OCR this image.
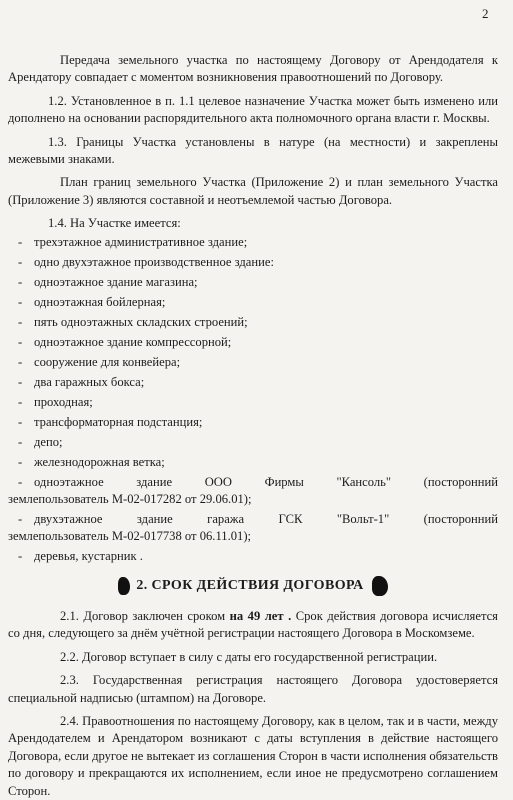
2

Передача земельного участка по настоящему Договору от Арендодателя к Арендатору совпадает с моментом возникновения правоотношений по Договору.

1.2. Установленное в п. 1.1 целевое назначение Участка может быть изменено или дополнено на основании распорядительного акта полномочного органа власти г. Москвы.

1.3. Границы Участка установлены в натуре (на местности) и закреплены межевыми знаками.

План границ земельного Участка (Приложение 2) и план земельного Участка (Приложение 3) являются составной и неотъемлемой частью Договора.

1.4. На Участке имеется:

- трехэтажное административное здание;
- одно двухэтажное производственное здание:
- одноэтажное здание магазина;
- одноэтажная бойлерная;
- пять одноэтажных складских строений;
- одноэтажное здание компрессорной;
- сооружение для конвейера;
- два гаражных бокса;
- проходная;
- трансформаторная подстанция;
- депо;
- железнодорожная ветка;
- одноэтажное здание ООО Фирмы "Кансоль" (посторонний
землепользователь М-02-017282 от 29.06.01);
- двухэтажное здание гаража ГСК "Вольт-1" (посторонний
землепользователь М-02-017738 от 06.11.01);
- деревья, кустарник .
2. СРОК ДЕЙСТВИЯ ДОГОВОРА

2.1. Договор заключен сроком на 49 лет . Срок действия договора исчисляется со дня, следующего за днём учётной регистрации настоящего Договора в Москомземе.

2.2. Договор вступает в силу с даты его государственной регистрации.

2.3. Государственная регистрация настоящего Договора удостоверяется специальной надписью (штампом) на Договоре.

2.4. Правоотношения по настоящему Договору, как в целом, так и в части, между Арендодателем и Арендатором возникают с даты вступления в действие настоящего Договора, если другое не вытекает из соглашения Сторон в части исполнения обязательств по договору и прекращаются их исполнением, если иное не предусмотрено соглашением Сторон.
